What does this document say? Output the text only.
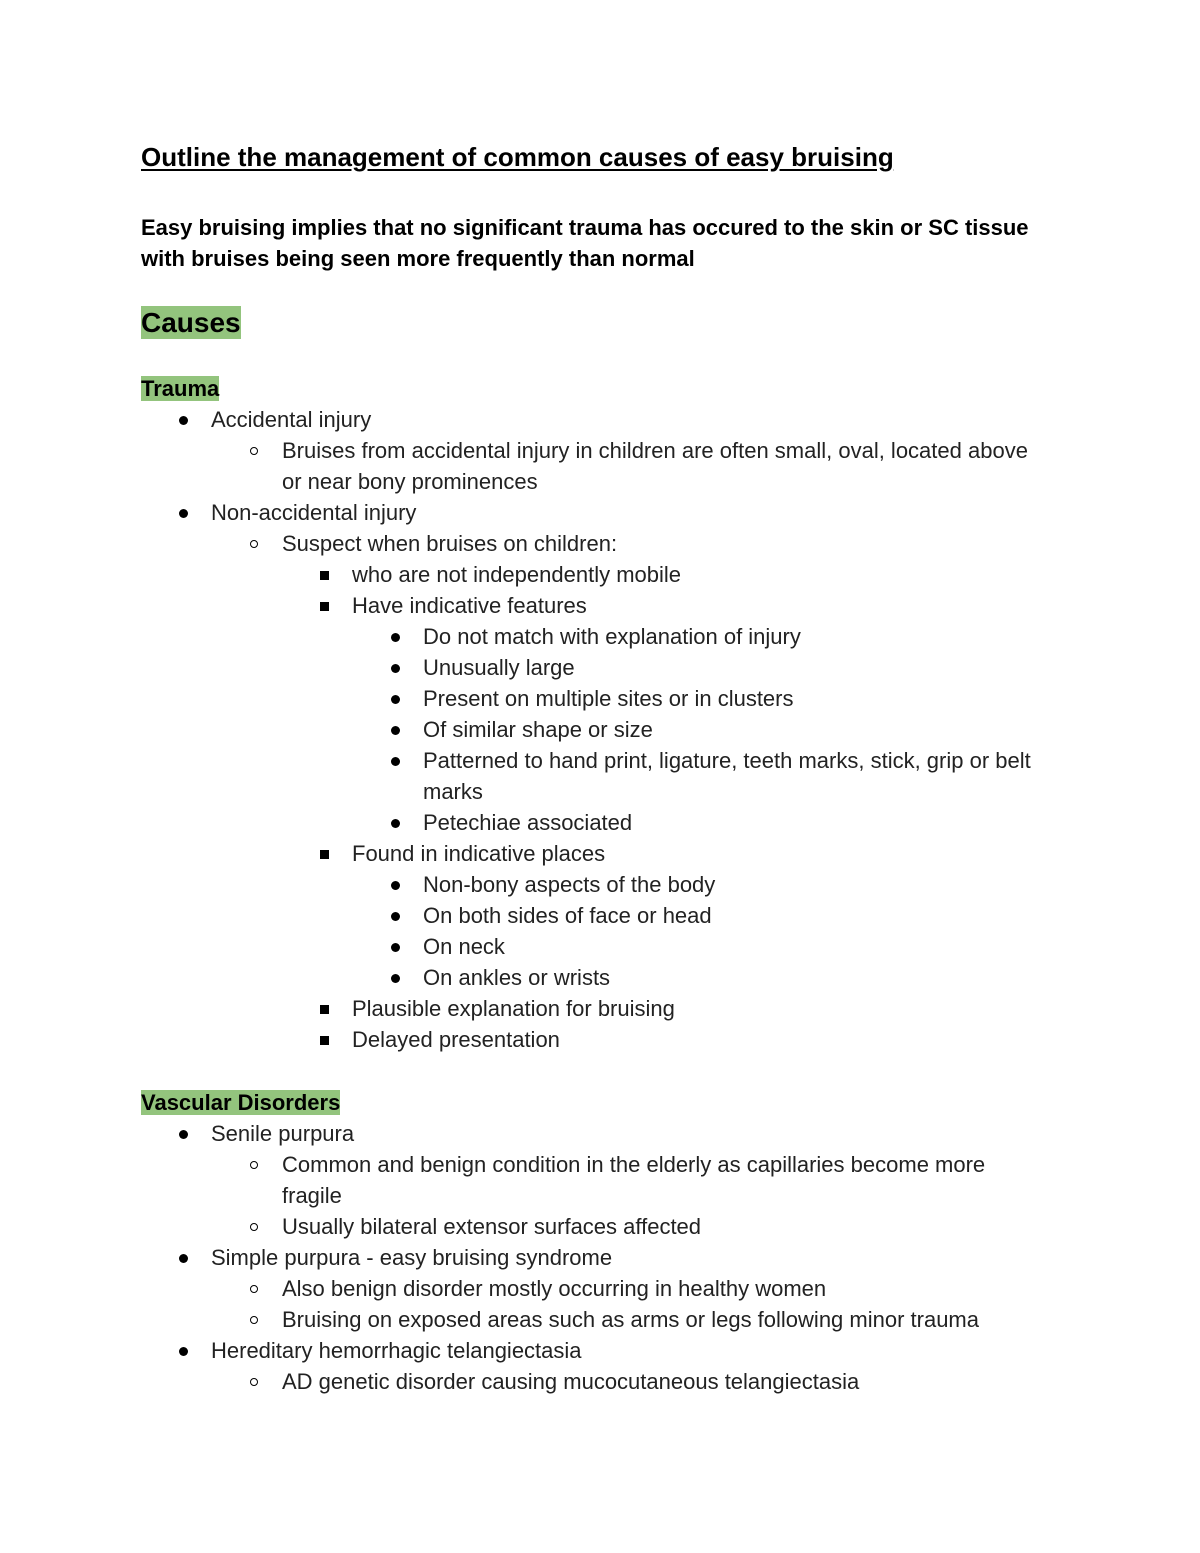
Outline the management of common causes of easy bruising

Easy bruising implies that no significant trauma has occured to the skin or SC tissue with bruises being seen more frequently than normal

Causes
Trauma
Accidental injury
Bruises from accidental injury in children are often small, oval, located above or near bony prominences
Non-accidental injury
Suspect when bruises on children:
who are not independently mobile
Have indicative features
Do not match with explanation of injury
Unusually large
Present on multiple sites or in clusters
Of similar shape or size
Patterned to hand print, ligature, teeth marks, stick, grip or belt marks
Petechiae associated
Found in indicative places
Non-bony aspects of the body
On both sides of face or head
On neck
On ankles or wrists
Plausible explanation for bruising
Delayed presentation
Vascular Disorders
Senile purpura
Common and benign condition in the elderly as capillaries become more fragile
Usually bilateral extensor surfaces affected
Simple purpura - easy bruising syndrome
Also benign disorder mostly occurring in healthy women
Bruising on exposed areas such as arms or legs following minor trauma
Hereditary hemorrhagic telangiectasia
AD genetic disorder causing mucocutaneous telangiectasia
